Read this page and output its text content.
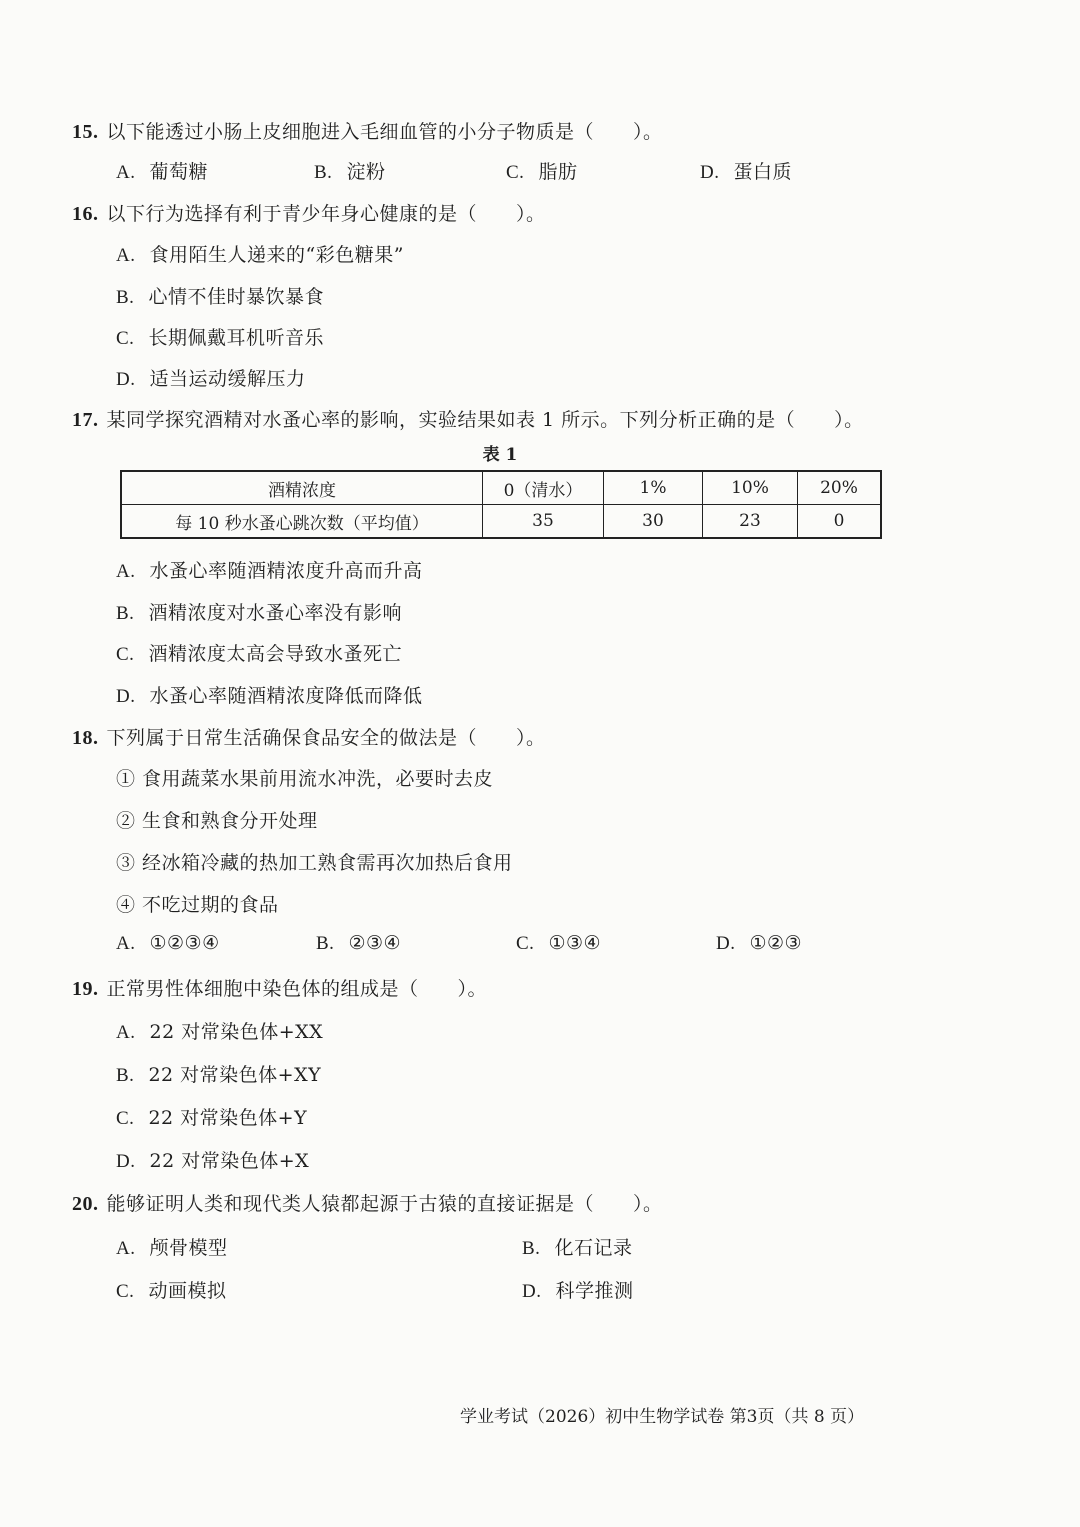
15. 以下能透过小肠上皮细胞进入毛细血管的小分子物质是（　　）。
A. 葡萄糖	B. 淀粉	C. 脂肪	D. 蛋白质
16. 以下行为选择有利于青少年身心健康的是（　　）。
A. 食用陌生人递来的“彩色糖果”
B. 心情不佳时暴饮暴食
C. 长期佩戴耳机听音乐
D. 适当运动缓解压力
17. 某同学探究酒精对水蚤心率的影响，实验结果如表 1 所示。下列分析正确的是（　　）。
表 1
酒精浓度	0（清水）	1%	10%	20%
每 10 秒水蚤心跳次数（平均值）	35	30	23	0
A. 水蚤心率随酒精浓度升高而升高
B. 酒精浓度对水蚤心率没有影响
C. 酒精浓度太高会导致水蚤死亡
D. 水蚤心率随酒精浓度降低而降低
18. 下列属于日常生活确保食品安全的做法是（　　）。
① 食用蔬菜水果前用流水冲洗，必要时去皮
② 生食和熟食分开处理
③ 经冰箱冷藏的热加工熟食需再次加热后食用
④ 不吃过期的食品
A. ①②③④	B. ②③④	C. ①③④	D. ①②③
19. 正常男性体细胞中染色体的组成是（　　）。
A. 22 对常染色体+XX
B. 22 对常染色体+XY
C. 22 对常染色体+Y
D. 22 对常染色体+X
20. 能够证明人类和现代类人猿都起源于古猿的直接证据是（　　）。
A. 颅骨模型	B. 化石记录
C. 动画模拟	D. 科学推测
学业考试（2026）初中生物学试卷 第3页（共 8 页）
